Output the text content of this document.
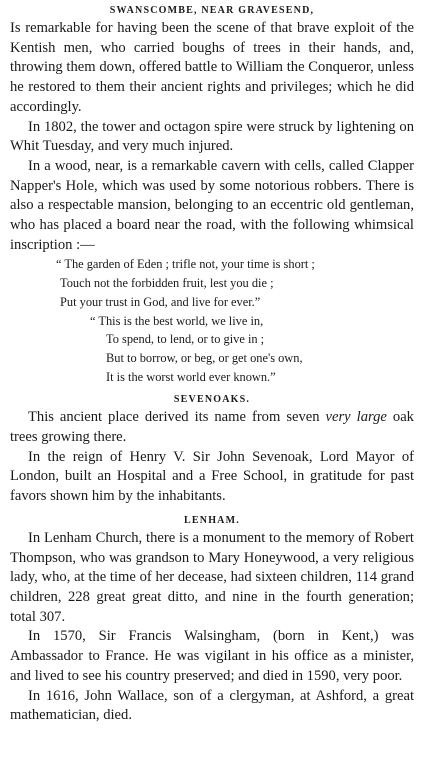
SWANSCOMBE, NEAR GRAVESEND,

Is remarkable for having been the scene of that brave exploit of the Kentish men, who carried boughs of trees in their hands, and, throwing them down, offered battle to William the Conqueror, unless he restored to them their ancient rights and privileges; which he did accordingly.

In 1802, the tower and octagon spire were struck by lightening on Whit Tuesday, and very much injured.

In a wood, near, is a remarkable cavern with cells, called Clapper Napper's Hole, which was used by some notorious robbers. There is also a respectable mansion, belonging to an eccentric old gentleman, who has placed a board near the road, with the following whimsical inscription :—

“ The garden of Eden ; trifle not, your time is short ;
Touch not the forbidden fruit, lest you die ;
Put your trust in God, and live for ever.”
“ This is the best world, we live in,
To spend, to lend, or to give in ;
But to borrow, or beg, or get one's own,
It is the worst world ever known.”
SEVENOAKS.

This ancient place derived its name from seven very large oak trees growing there.

In the reign of Henry V. Sir John Sevenoak, Lord Mayor of London, built an Hospital and a Free School, in gratitude for past favors shown him by the inhabitants.

LENHAM.

In Lenham Church, there is a monument to the memory of Robert Thompson, who was grandson to Mary Honeywood, a very religious lady, who, at the time of her decease, had sixteen children, 114 grand children, 228 great great ditto, and nine in the fourth generation; total 307.

In 1570, Sir Francis Walsingham, (born in Kent,) was Ambassador to France. He was vigilant in his office as a minister, and lived to see his country preserved; and died in 1590, very poor.

In 1616, John Wallace, son of a clergyman, at Ashford, a great mathematician, died.
